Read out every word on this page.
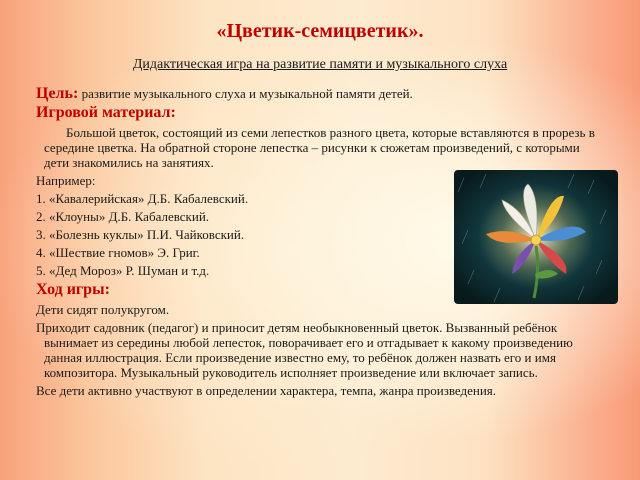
«Цветик-семицветик».

Дидактическая игра на развитие памяти и музыкального слуха

Цель: развитие музыкального слуха и музыкальной памяти детей.

Игровой материал:

Большой цветок, состоящий из семи лепестков разного цвета, которые вставляются в прорезь в середине цветка. На обратной стороне лепестка – рисунки к сюжетам произведений, с которыми дети знакомились на занятиях.

Например:

1. «Кавалерийская» Д.Б. Кабалевский.

2. «Клоуны» Д.Б. Кабалевский.

3. «Болезнь куклы» П.И. Чайковский.

4. «Шествие гномов» Э. Григ.

5. «Дед Мороз» Р. Шуман и т.д.

Ход игры:

Дети сидят полукругом.

Приходит садовник (педагог) и приносит детям необыкновенный цветок. Вызванный ребёнок вынимает из середины любой лепесток, поворачивает его и отгадывает к какому произведению данная иллюстрация. Если произведение известно ему, то ребёнок должен назвать его и имя композитора. Музыкальный руководитель исполняет произведение или включает запись.

Все дети активно участвуют в определении характера, темпа, жанра произведения.
